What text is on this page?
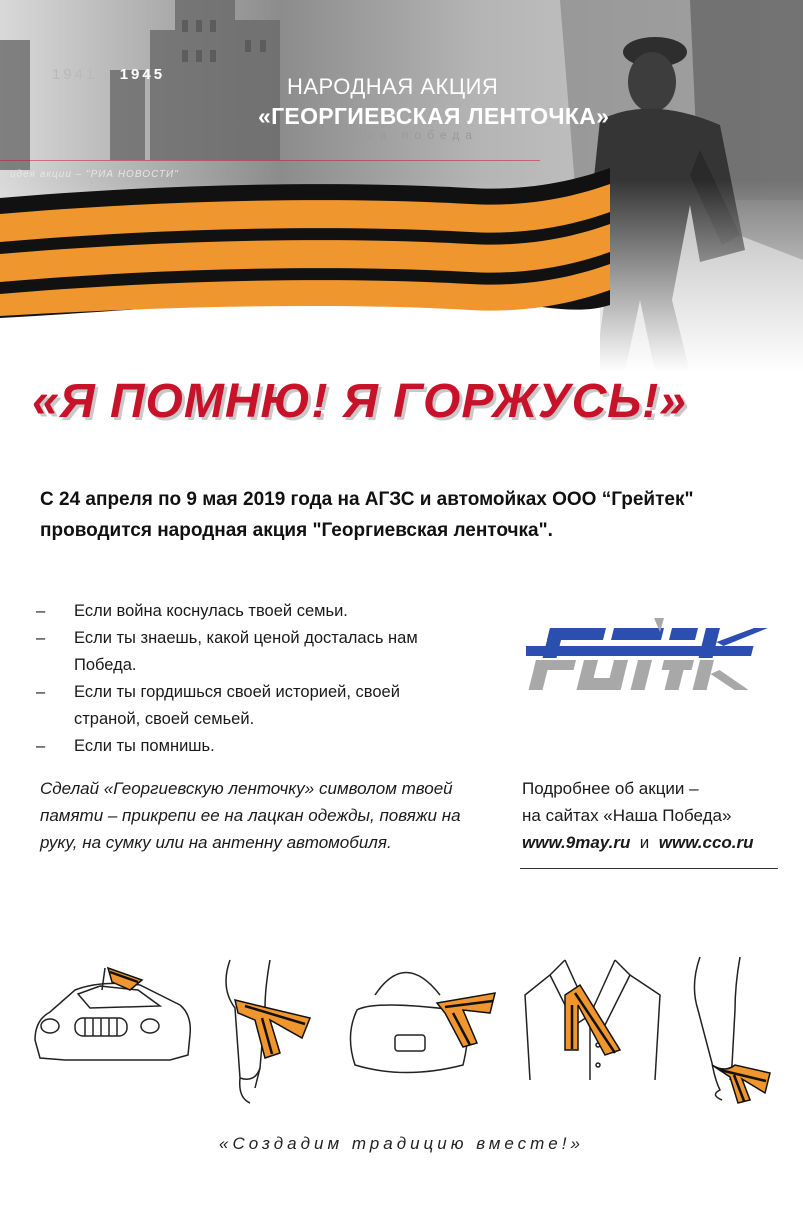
1941 - 1945	НАРОДНАЯ АКЦИЯ
«ГЕОРГИЕВСКАЯ ЛЕНТОЧКА»
наша победа
идея акции – "РИА НОВОСТИ"
«Я ПОМНЮ! Я ГОРЖУСЬ!»
С 24 апреля по 9 мая 2019 года на АГЗС и автомойках ООО “Грейтек" проводится народная акция "Георгиевская ленточка".
– Если война коснулась твоей семьи.
– Если ты знаешь, какой ценой досталась нам Победа.
– Если ты гордишься своей историей, своей страной, своей семьей.
– Если ты помнишь.
Сделай «Георгиевскую ленточку» символом твоей памяти – прикрепи ее на лацкан одежды, повяжи на руку, на сумку или на антенну автомобиля.
Подробнее об акции –
на сайтах «Наша Победа»
www.9may.ru и www.cco.ru
«Создадим традицию вместе!»
